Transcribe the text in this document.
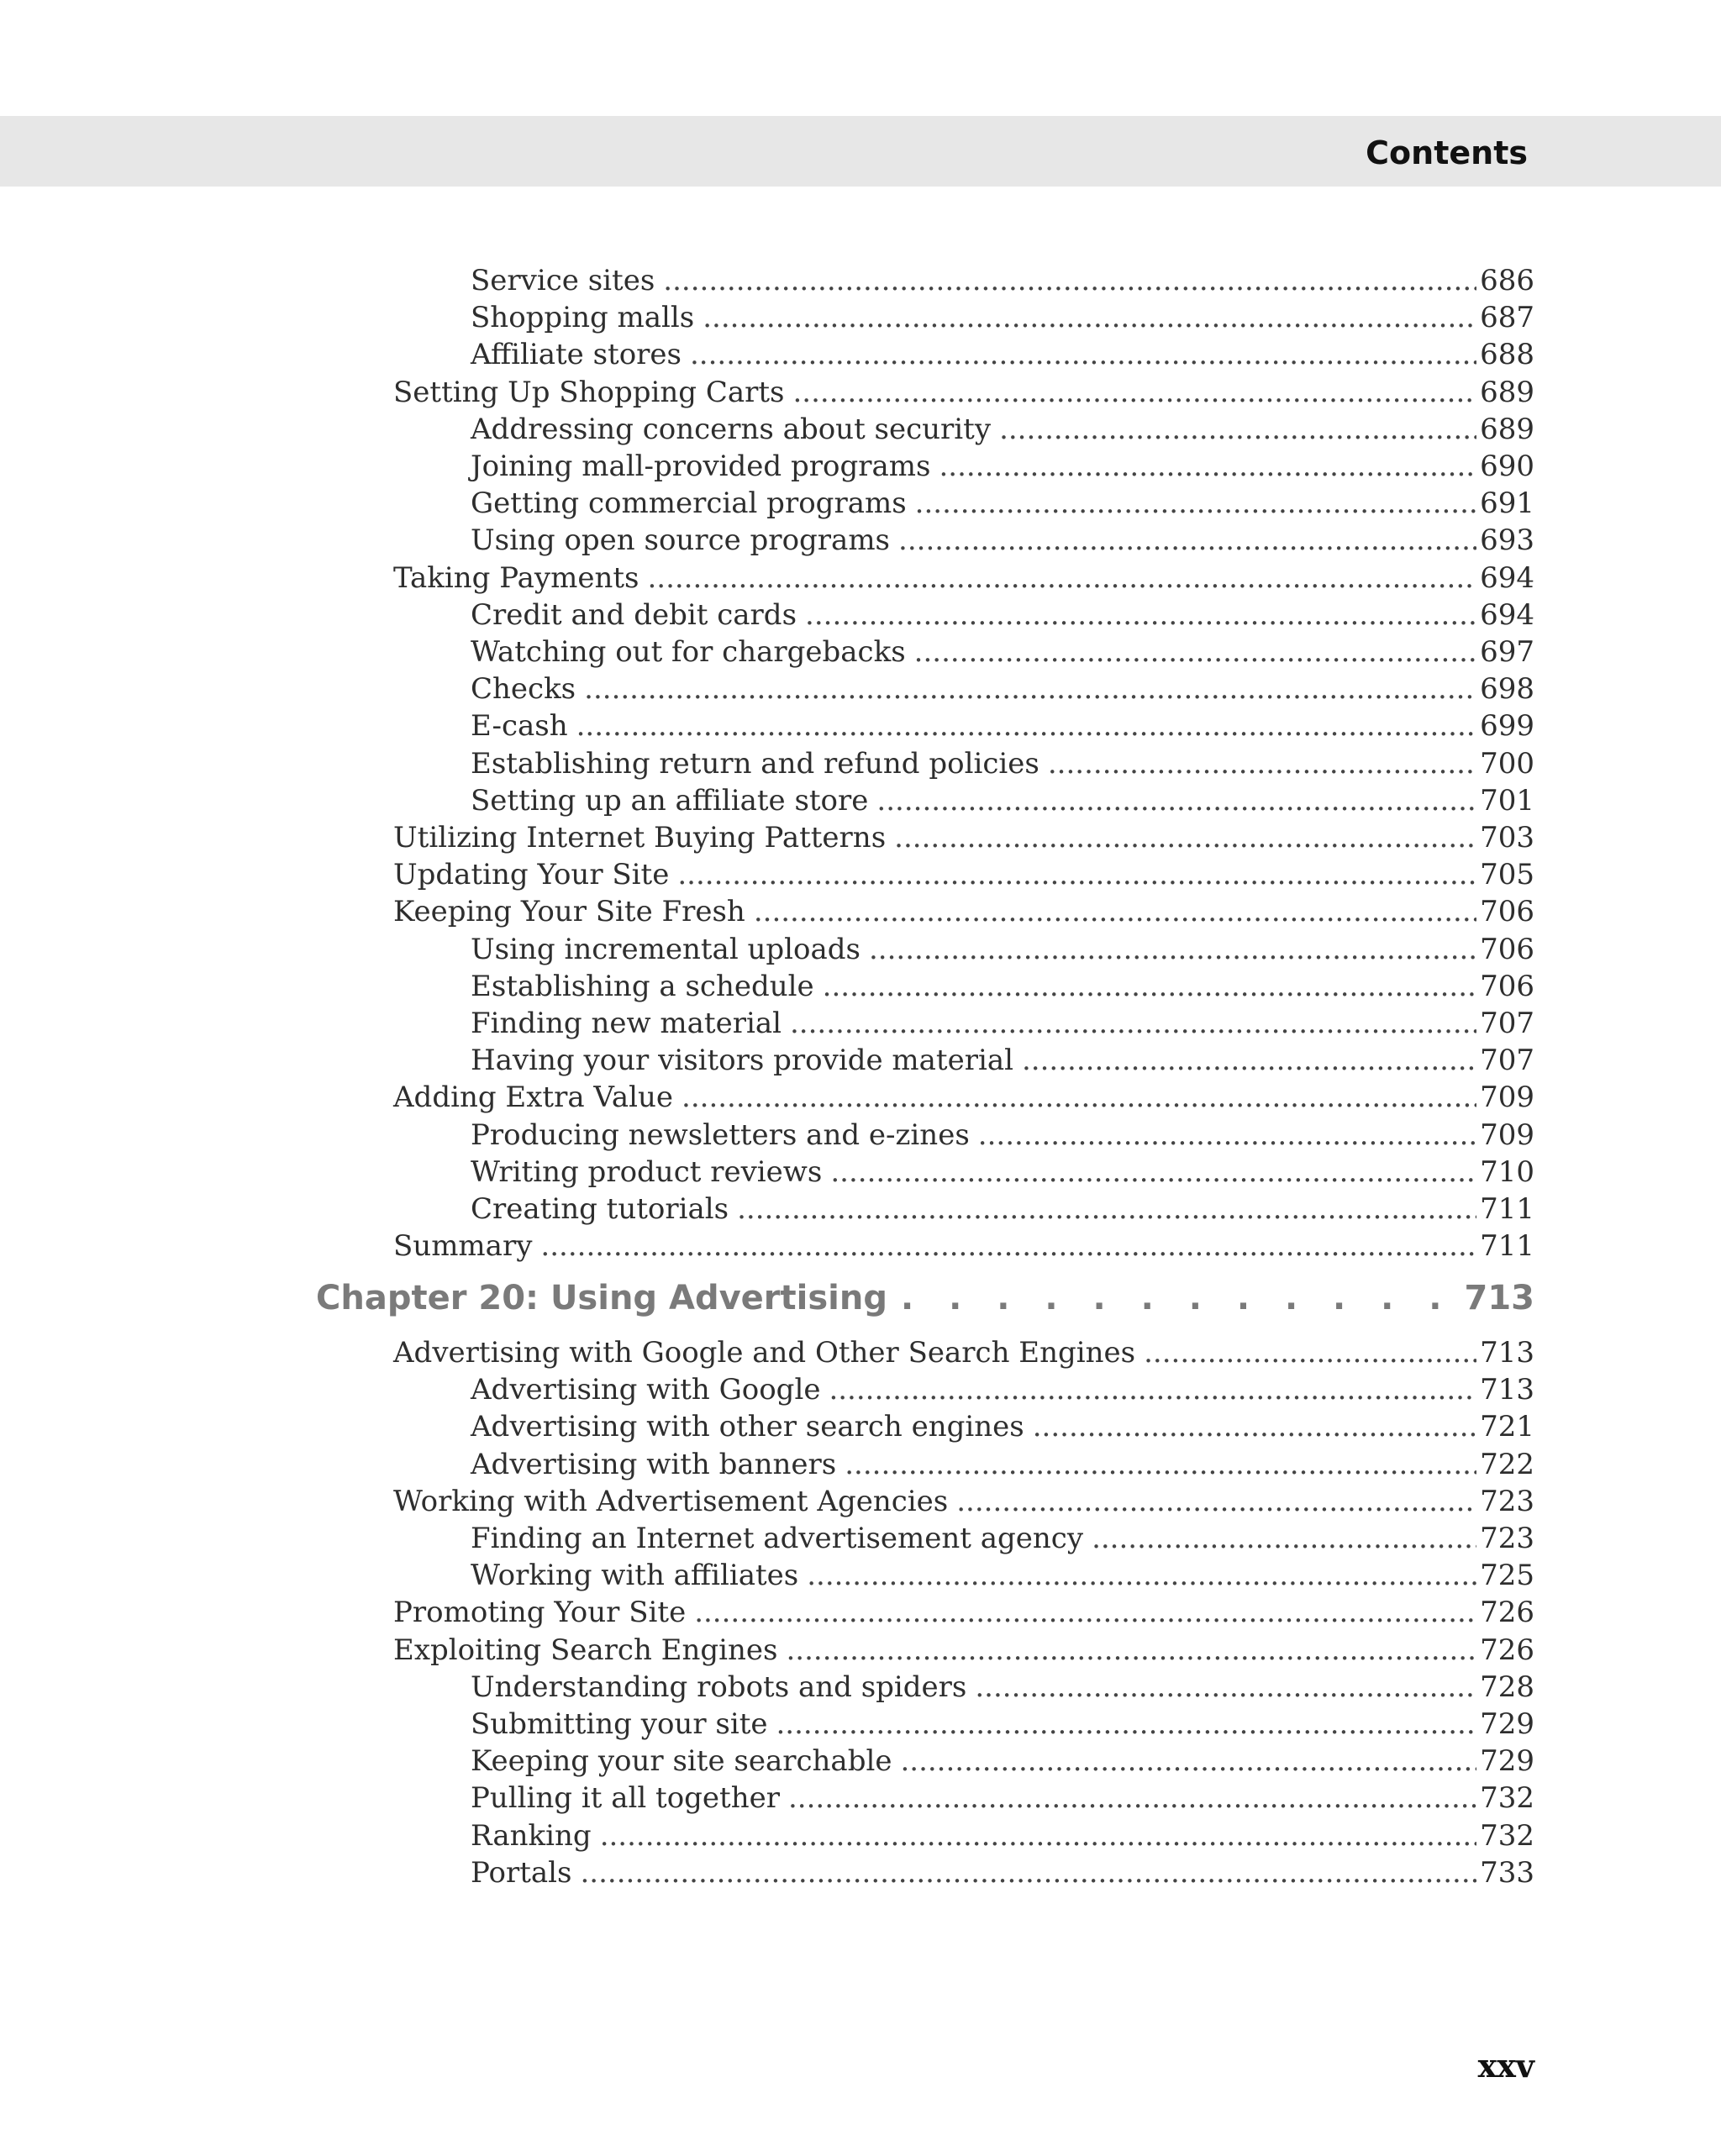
Contents
Chapter 20: Using Advertising . . .	713
Service sites .....	686
Shopping malls .....	687
Affiliate stores .....	688
Setting Up Shopping Carts .....	689
Addressing concerns about security .....	689
Joining mall-provided programs .....	690
Getting commercial programs .....	691
Using open source programs .....	693
Taking Payments .....	694
Credit and debit cards .....	694
Watching out for chargebacks .....	697
Checks .....	698
E-cash .....	699
Establishing return and refund policies .....	700
Setting up an affiliate store .....	701
Utilizing Internet Buying Patterns .....	703
Updating Your Site .....	705
Keeping Your Site Fresh .....	706
Using incremental uploads .....	706
Establishing a schedule .....	706
Finding new material .....	707
Having your visitors provide material .....	707
Adding Extra Value .....	709
Producing newsletters and e-zines .....	709
Writing product reviews .....	710
Creating tutorials .....	711
Summary .....	711
Advertising with Google and Other Search Engines .....	713
Advertising with Google .....	713
Advertising with other search engines .....	721
Advertising with banners .....	722
Working with Advertisement Agencies .....	723
Finding an Internet advertisement agency .....	723
Working with affiliates .....	725
Promoting Your Site .....	726
Exploiting Search Engines .....	726
Understanding robots and spiders .....	728
Submitting your site .....	729
Keeping your site searchable .....	729
Pulling it all together .....	732
Ranking .....	732
Portals .....	733
xxv
